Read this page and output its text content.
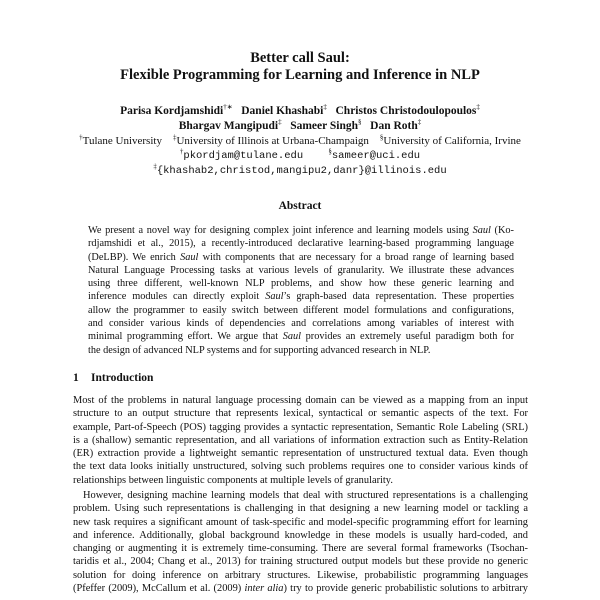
Better call Saul:
Flexible Programming for Learning and Inference in NLP
Parisa Kordjamshidi†∗ Daniel Khashabi‡ Christos Christodoulopoulos‡
Bhargav Mangipudi‡ Sameer Singh§ Dan Roth‡
†Tulane University ‡University of Illinois at Urbana-Champaign §University of California, Irvine
†pkordjam@tulane.edu	§sameer@uci.edu
‡{khashab2,christod,mangipu2,danr}@illinois.edu
Abstract
We present a novel way for designing complex joint inference and learning models using Saul (Ko-
rdjamshidi et al., 2015), a recently-introduced declarative learning-based programming language
(DeLBP). We enrich Saul with components that are necessary for a broad range of learning based
Natural Language Processing tasks at various levels of granularity. We illustrate these advances
using three different, well-known NLP problems, and show how these generic learning and
inference modules can directly exploit Saul’s graph-based data representation. These properties
allow the programmer to easily switch between different model formulations and configurations,
and consider various kinds of dependencies and correlations among variables of interest with
minimal programming effort. We argue that Saul provides an extremely useful paradigm both for
the design of advanced NLP systems and for supporting advanced research in NLP.
1 Introduction
Most of the problems in natural language processing domain can be viewed as a mapping from an input
structure to an output structure that represents lexical, syntactical or semantic aspects of the text. For
example, Part-of-Speech (POS) tagging provides a syntactic representation, Semantic Role Labeling (SRL)
is a (shallow) semantic representation, and all variations of information extraction such as Entity-Relation
(ER) extraction provide a lightweight semantic representation of unstructured textual data. Even though
the text data looks initially unstructured, solving such problems requires one to consider various kinds of
relationships between linguistic components at multiple levels of granularity.
However, designing machine learning models that deal with structured representations is a challenging
problem. Using such representations is challenging in that designing a new learning model or tackling a
new task requires a significant amount of task-specific and model-specific programming effort for learning
and inference. Additionally, global background knowledge in these models is usually hard-coded, and
changing or augmenting it is extremely time-consuming. There are several formal frameworks (Tsochan-
taridis et al., 2004; Chang et al., 2013) for training structured output models but these provide no generic
solution for doing inference on arbitrary structures. Likewise, probabilistic programming languages
(Pfeffer (2009), McCallum et al. (2009) inter alia) try to provide generic probabilistic solutions to arbitrary
